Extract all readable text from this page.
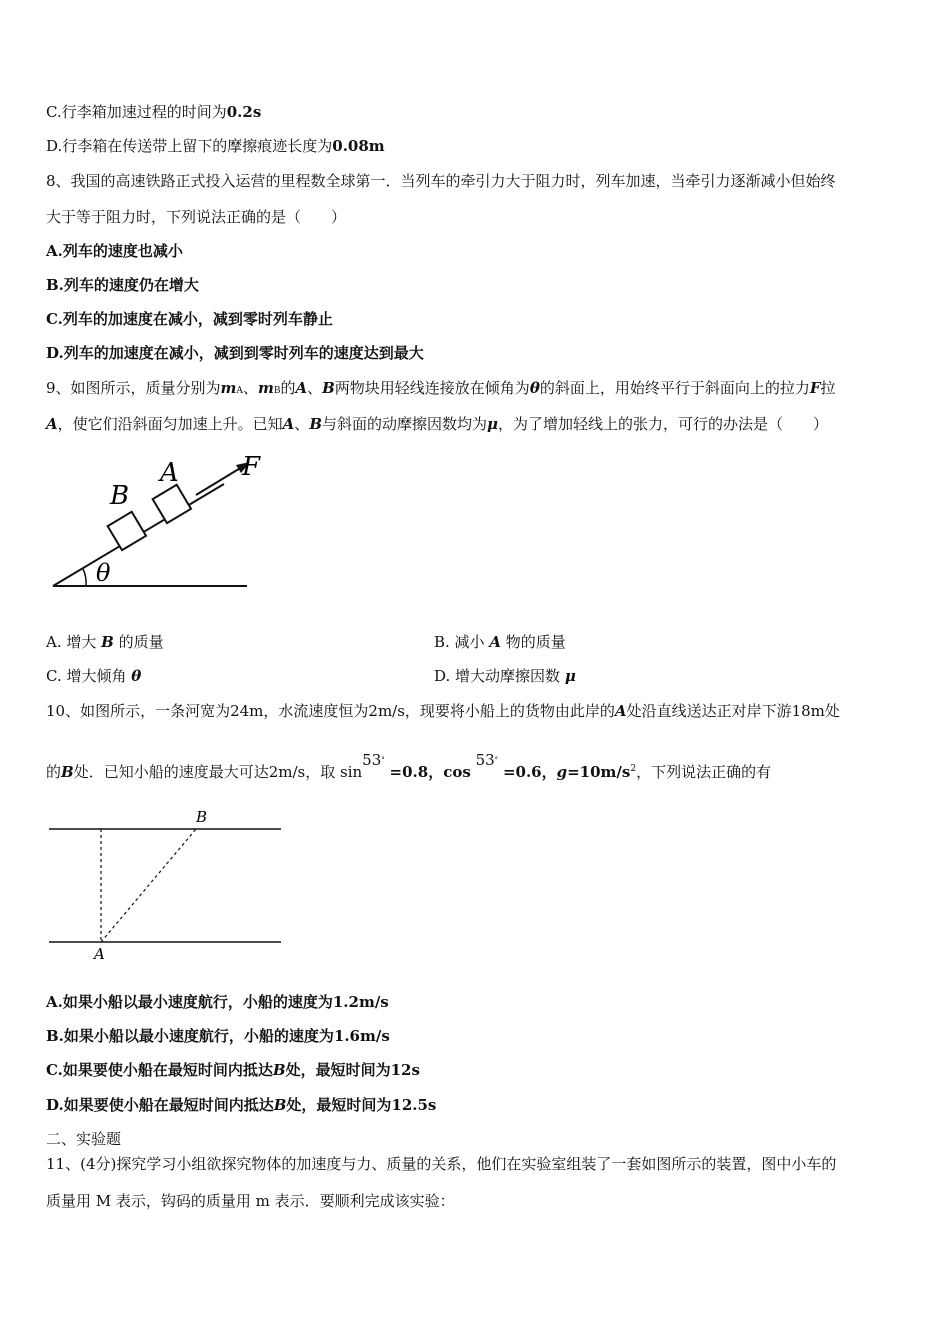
C.行李箱加速过程的时间为0.2s
D.行李箱在传送带上留下的摩擦痕迹长度为0.08m
8、我国的高速铁路正式投入运营的里程数全球第一．当列车的牵引力大于阻力时，列车加速，当牵引力逐渐减小但始终
大于等于阻力时，下列说法正确的是（　　）
A.列车的速度也减小
B.列车的速度仍在增大
C.列车的加速度在减小，减到零时列车静止
D.列车的加速度在减小，减到到零时列车的速度达到最大
9、如图所示，质量分别为mA、mB的A、B两物块用轻线连接放在倾角为θ的斜面上，用始终平行于斜面向上的拉力F拉
A，使它们沿斜面匀加速上升。已知A、B与斜面的动摩擦因数均为μ，为了增加轻线上的张力，可行的办法是（　　）
B
A F
θ
A. 增大 B 的质量	B. 减小 A 物的质量
C. 增大倾角 θ	D. 增大动摩擦因数 μ
10、如图所示，一条河宽为24m，水流速度恒为2m/s，现要将小船上的货物由此岸的A处沿直线送达正对岸下游18m处
的B处．已知小船的速度最大可达2m/s，取 sin53° =0.8，cos 53° =0.6，$g=10m/s^2$，下列说法正确的有
B
A
A.如果小船以最小速度航行，小船的速度为1.2m/s
B.如果小船以最小速度航行，小船的速度为1.6m/s
C.如果要使小船在最短时间内抵达B处，最短时间为12s
D.如果要使小船在最短时间内抵达B处，最短时间为12.5s
二、实验题
11、(4分)探究学习小组欲探究物体的加速度与力、质量的关系，他们在实验室组装了一套如图所示的装置，图中小车的
质量用 M 表示，钩码的质量用 m 表示．要顺利完成该实验：
